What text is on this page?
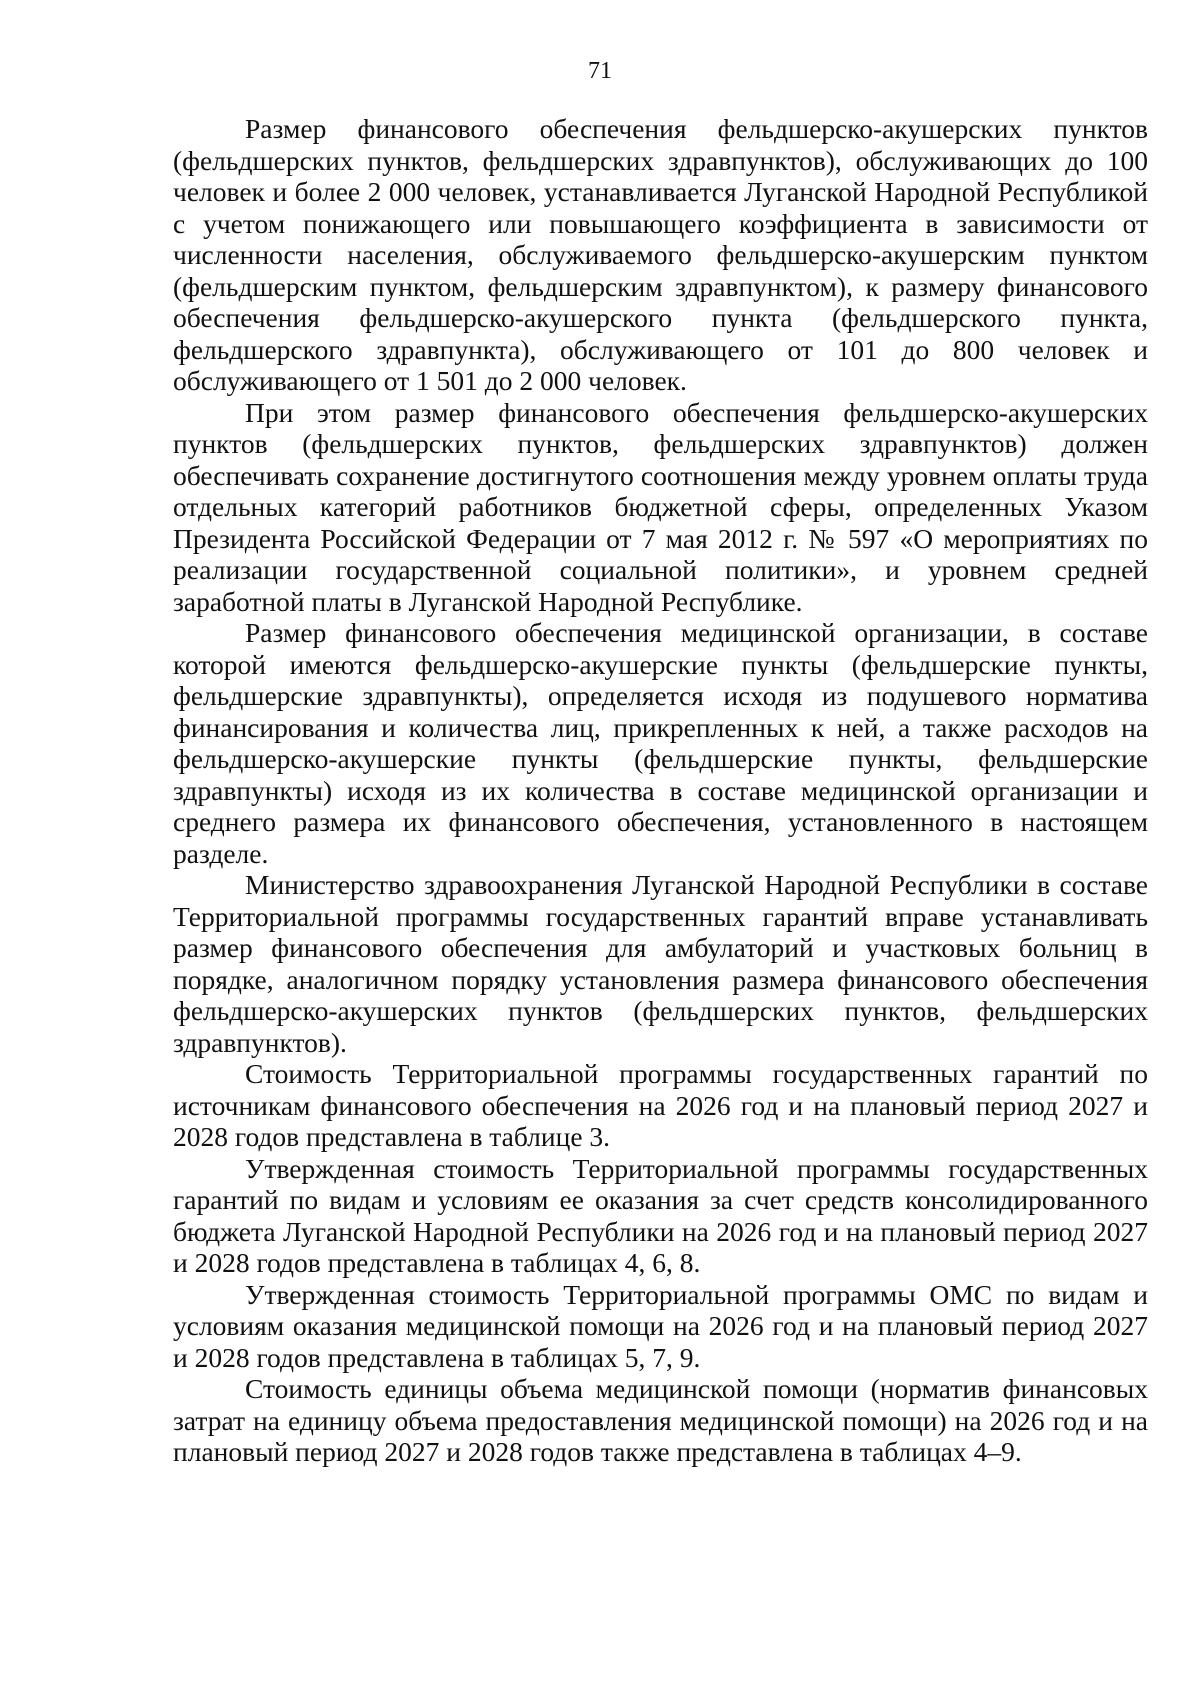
71

Размер финансового обеспечения фельдшерско-акушерских пунктов (фельдшерских пунктов, фельдшерских здравпунктов), обслуживающих до 100 человек и более 2 000 человек, устанавливается Луганской Народной Республикой с учетом понижающего или повышающего коэффициента в зависимости от численности населения, обслуживаемого фельдшерско-акушерским пунктом (фельдшерским пунктом, фельдшерским здравпунктом), к размеру финансового обеспечения фельдшерско-акушерского пункта (фельдшерского пункта, фельдшерского здравпункта), обслуживающего от 101 до 800 человек и обслуживающего от 1 501 до 2 000 человек.

При этом размер финансового обеспечения фельдшерско-акушерских пунктов (фельдшерских пунктов, фельдшерских здравпунктов) должен обеспечивать сохранение достигнутого соотношения между уровнем оплаты труда отдельных категорий работников бюджетной сферы, определенных Указом Президента Российской Федерации от 7 мая 2012 г. № 597 «О мероприятиях по реализации государственной социальной политики», и уровнем средней заработной платы в Луганской Народной Республике.

Размер финансового обеспечения медицинской организации, в составе которой имеются фельдшерско-акушерские пункты (фельдшерские пункты, фельдшерские здравпункты), определяется исходя из подушевого норматива финансирования и количества лиц, прикрепленных к ней, а также расходов на фельдшерско-акушерские пункты (фельдшерские пункты, фельдшерские здравпункты) исходя из их количества в составе медицинской организации и среднего размера их финансового обеспечения, установленного в настоящем разделе.

Министерство здравоохранения Луганской Народной Республики в составе Территориальной программы государственных гарантий вправе устанавливать размер финансового обеспечения для амбулаторий и участковых больниц в порядке, аналогичном порядку установления размера финансового обеспечения фельдшерско-акушерских пунктов (фельдшерских пунктов, фельдшерских здравпунктов).

Стоимость Территориальной программы государственных гарантий по источникам финансового обеспечения на 2026 год и на плановый период 2027 и 2028 годов представлена в таблице 3.

Утвержденная стоимость Территориальной программы государственных гарантий по видам и условиям ее оказания за счет средств консолидированного бюджета Луганской Народной Республики на 2026 год и на плановый период 2027 и 2028 годов представлена в таблицах 4, 6, 8.

Утвержденная стоимость Территориальной программы ОМС по видам и условиям оказания медицинской помощи на 2026 год и на плановый период 2027 и 2028 годов представлена в таблицах 5, 7, 9.

Стоимость единицы объема медицинской помощи (норматив финансовых затрат на единицу объема предоставления медицинской помощи) на 2026 год и на плановый период 2027 и 2028 годов также представлена в таблицах 4–9.
